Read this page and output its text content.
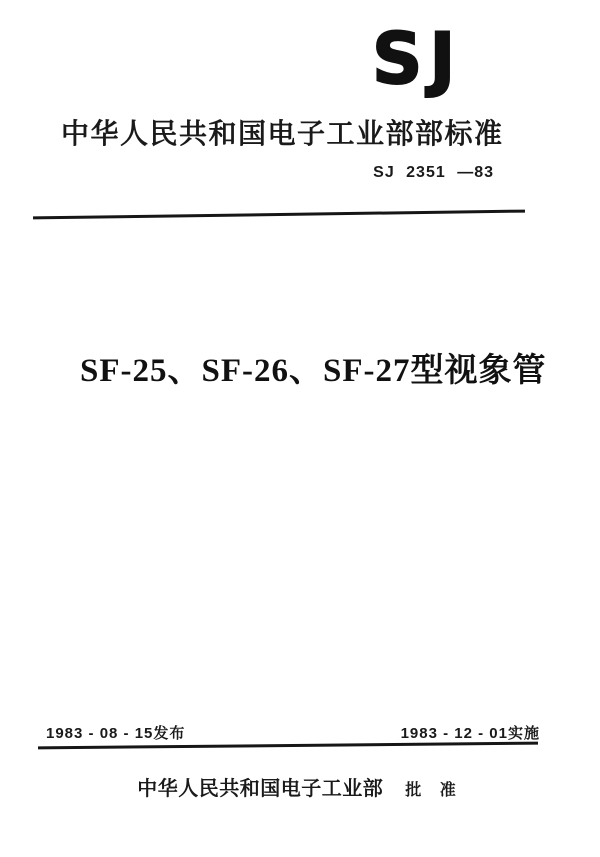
SJ
中华人民共和国电子工业部部标准
SJ 2351 —83
SF-25、SF-26、SF-27型视象管
1983 - 08 - 15发布	1983 - 12 - 01实施
中华人民共和国电子工业部 批 准
